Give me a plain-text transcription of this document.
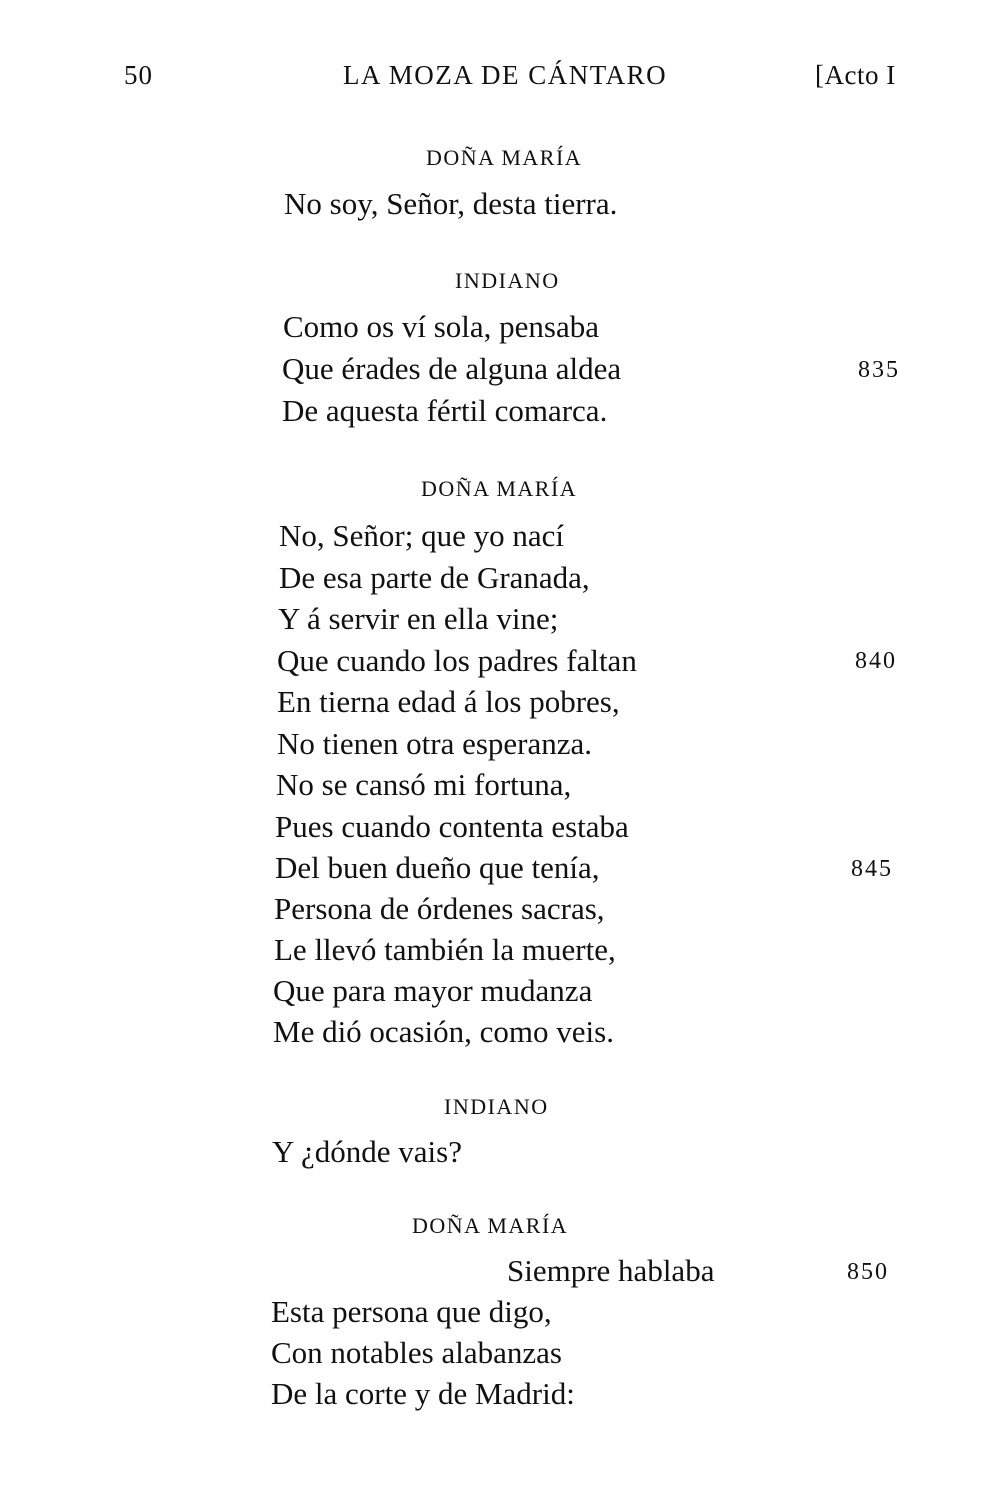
50	LA MOZA DE CÁNTARO	[Acto I
DOÑA MARÍA
No soy, Señor, desta tierra.
INDIANO
Como os ví sola, pensaba
Que érades de alguna aldea	835
De aquesta fértil comarca.
DOÑA MARÍA
No, Señor; que yo nací
De esa parte de Granada,
Y á servir en ella vine;
Que cuando los padres faltan	840
En tierna edad á los pobres,
No tienen otra esperanza.
No se cansó mi fortuna,
Pues cuando contenta estaba
Del buen dueño que tenía,	845
Persona de órdenes sacras,
Le llevó también la muerte,
Que para mayor mudanza
Me dió ocasión, como veis.
INDIANO
Y ¿dónde vais?
DOÑA MARÍA
Siempre hablaba	850
Esta persona que digo,
Con notables alabanzas
De la corte y de Madrid:
